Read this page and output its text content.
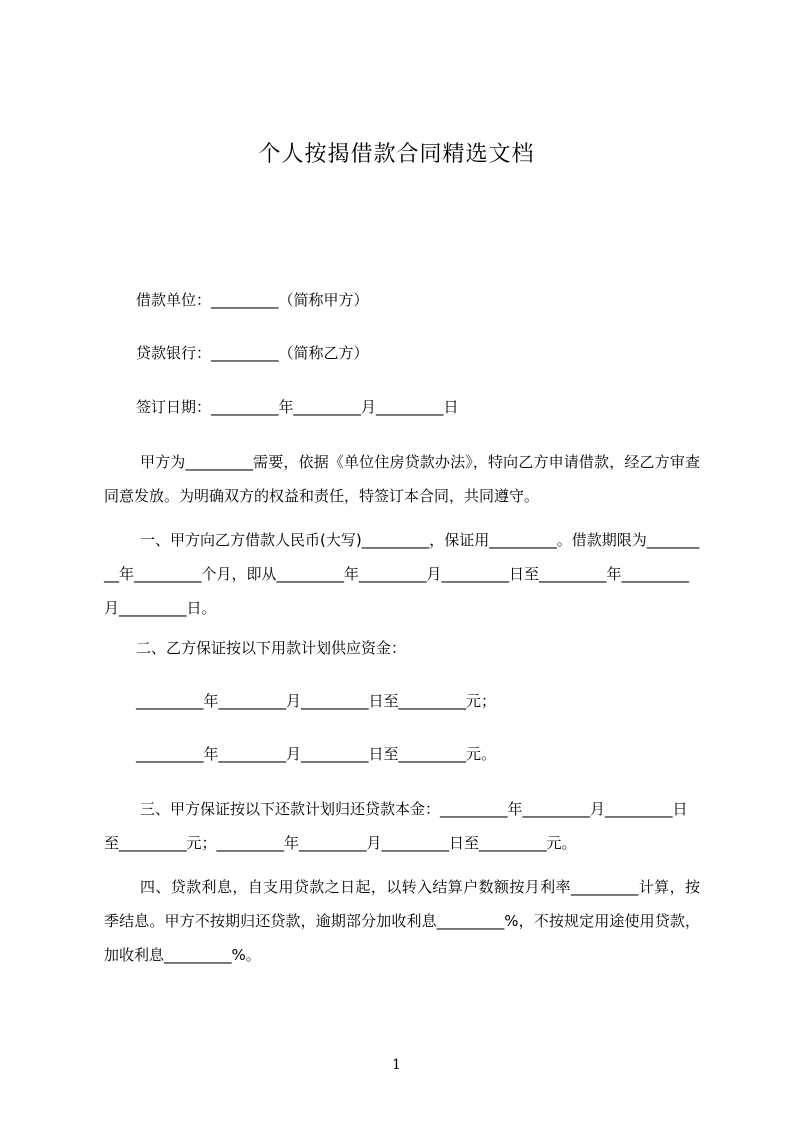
个人按揭借款合同精选文档
借款单位：_________（简称甲方）
贷款银行：_________（简称乙方）
签订日期：_________年_________月_________日
甲方为_________需要，依据《单位住房贷款办法》，特向乙方申请借款，经乙方审查同意发放。为明确双方的权益和责任，特签订本合同，共同遵守。
一、甲方向乙方借款人民币(大写)_________，保证用_________。借款期限为_________年_________个月，即从_________年_________月_________日至_________年_________月_________日。
二、乙方保证按以下用款计划供应资金：
_________年_________月_________日至_________元；
_________年_________月_________日至_________元。
三、甲方保证按以下还款计划归还贷款本金：_________年_________月_________日至_________元；_________年_________月_________日至_________元。
四、贷款利息，自支用贷款之日起，以转入结算户数额按月利率_________计算，按季结息。甲方不按期归还贷款，逾期部分加收利息_________%，不按规定用途使用贷款，加收利息_________%。
1
